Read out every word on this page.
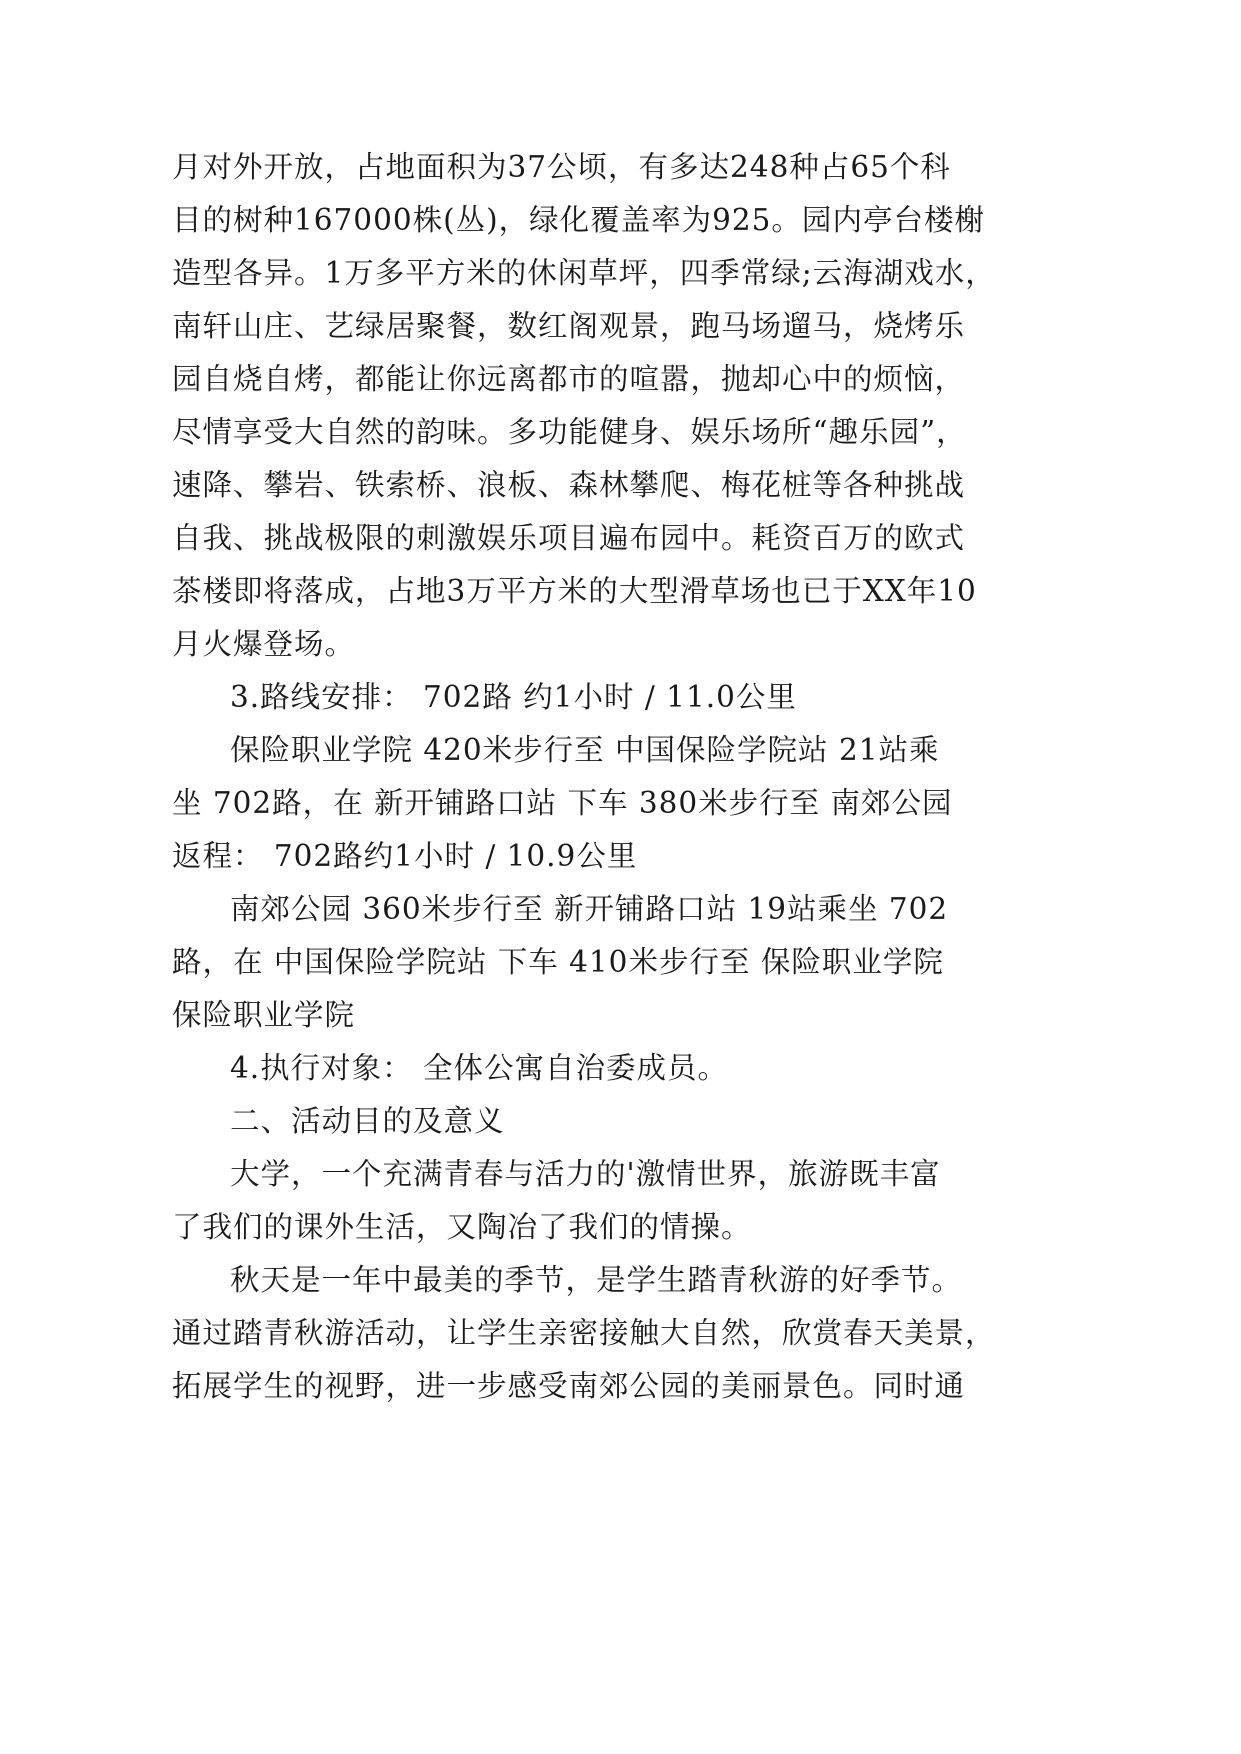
月对外开放，占地面积为37公顷，有多达248种占65个科
目的树种167000株(丛)，绿化覆盖率为925。园内亭台楼榭
造型各异。1万多平方米的休闲草坪，四季常绿;云海湖戏水，
南轩山庄、艺绿居聚餐，数红阁观景，跑马场遛马，烧烤乐
园自烧自烤，都能让你远离都市的喧嚣，抛却心中的烦恼，
尽情享受大自然的韵味。多功能健身、娱乐场所“趣乐园”，
速降、攀岩、铁索桥、浪板、森林攀爬、梅花桩等各种挑战
自我、挑战极限的刺激娱乐项目遍布园中。耗资百万的欧式
茶楼即将落成，占地3万平方米的大型滑草场也已于XX年10
月火爆登场。
3.路线安排： 702路 约1小时 / 11.0公里
保险职业学院 420米步行至 中国保险学院站 21站乘
坐 702路，在 新开铺路口站 下车 380米步行至 南郊公园
返程： 702路约1小时 / 10.9公里
南郊公园 360米步行至 新开铺路口站 19站乘坐 702
路，在 中国保险学院站 下车 410米步行至 保险职业学院
保险职业学院
4.执行对象： 全体公寓自治委成员。
二、活动目的及意义
大学，一个充满青春与活力的'激情世界，旅游既丰富
了我们的课外生活，又陶冶了我们的情操。
秋天是一年中最美的季节，是学生踏青秋游的好季节。
通过踏青秋游活动，让学生亲密接触大自然，欣赏春天美景，
拓展学生的视野，进一步感受南郊公园的美丽景色。同时通
